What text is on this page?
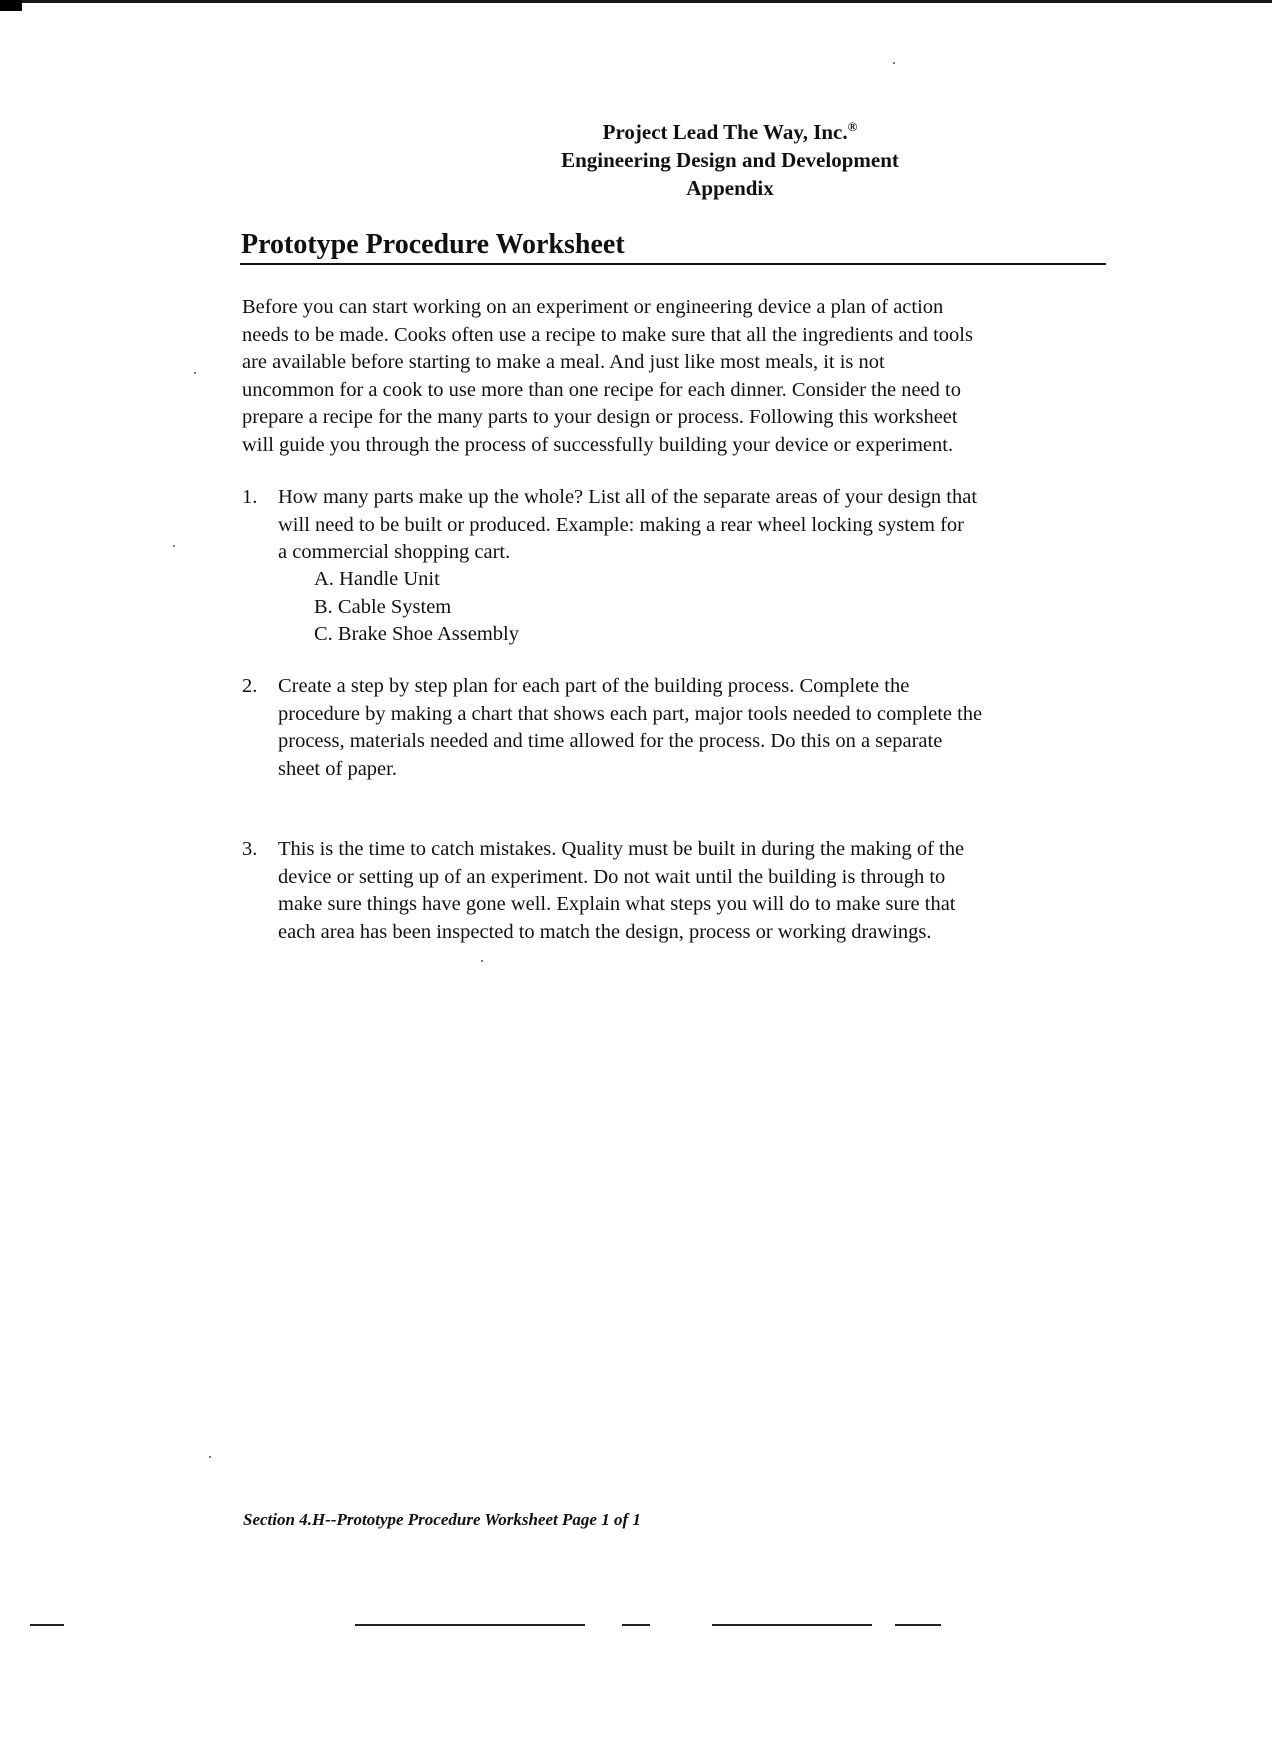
Project Lead The Way, Inc.®
Engineering Design and Development
Appendix
Prototype Procedure Worksheet

Before you can start working on an experiment or engineering device a plan of action
needs to be made. Cooks often use a recipe to make sure that all the ingredients and tools
are available before starting to make a meal. And just like most meals, it is not
uncommon for a cook to use more than one recipe for each dinner. Consider the need to
prepare a recipe for the many parts to your design or process. Following this worksheet
will guide you through the process of successfully building your device or experiment.

1. How many parts make up the whole? List all of the separate areas of your design that
will need to be built or produced. Example: making a rear wheel locking system for
a commercial shopping cart.
A. Handle Unit
B. Cable System
C. Brake Shoe Assembly
2. Create a step by step plan for each part of the building process. Complete the
procedure by making a chart that shows each part, major tools needed to complete the
process, materials needed and time allowed for the process. Do this on a separate
sheet of paper.
3. This is the time to catch mistakes. Quality must be built in during the making of the
device or setting up of an experiment. Do not wait until the building is through to
make sure things have gone well. Explain what steps you will do to make sure that
each area has been inspected to match the design, process or working drawings.
Section 4.H--Prototype Procedure Worksheet Page 1 of 1
